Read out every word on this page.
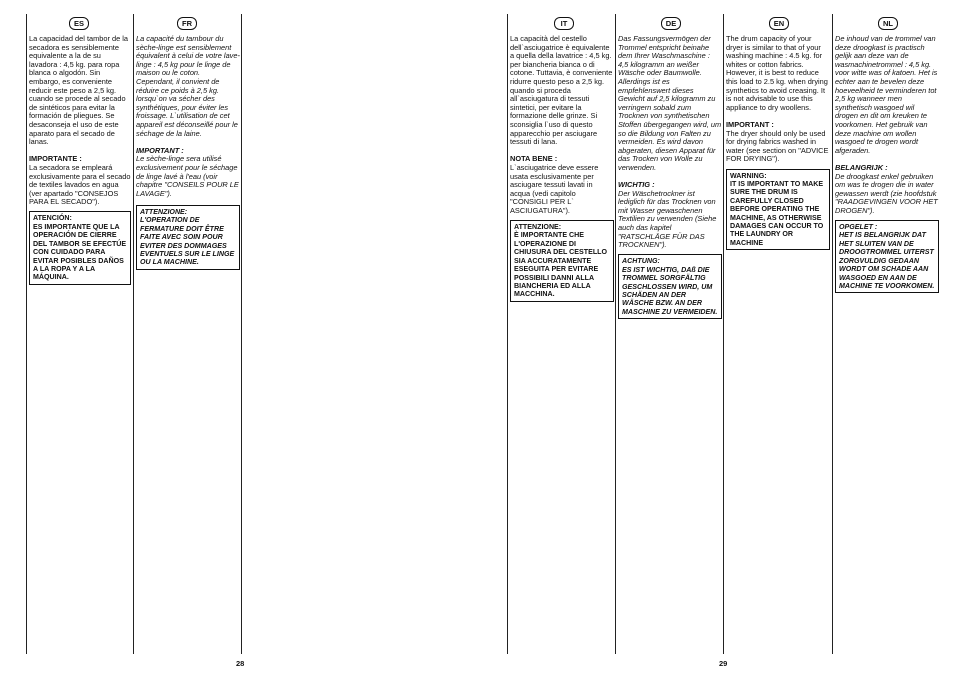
ES

La capacidad del tambor de la secadora es sensiblemente equivalente a la de su lavadora : 4,5 kg. para ropa blanca o algodón. Sin embargo, es conveniente reducir este peso a 2,5 kg. cuando se procede al secado de sintéticos para evitar la formación de pliegues. Se desaconseja el uso de este aparato para el secado de lanas.

IMPORTANTE :

La secadora se empleará exclusivamente para el secado de textiles lavados en agua (ver apartado "CONSEJOS PARA EL SECADO").

ATENCIÓN:
ES IMPORTANTE QUE LA OPERACIÓN DE CIERRE DEL TAMBOR SE EFECTÚE CON CUIDADO PARA EVITAR POSIBLES DAÑOS A LA ROPA Y A LA MÁQUINA.
FR

La capacité du tambour du sèche-linge est sensiblement équivalent à celui de votre lave-linge : 4,5 kg pour le linge de maison ou le coton. Cependant, il convient de réduire ce poids à 2,5 kg. lorsqu`on va sécher des synthétiques, pour éviter les froissage. L`utilisation de cet appareil est déconseillé pour le séchage de la laine.

IMPORTANT :

Le sèche-linge sera utilisé exclusivement pour le séchage de linge lavé à l'eau (voir chapitre "CONSEILS POUR LE LAVAGE").

ATTENZIONE:
L'OPERATION DE FERMATURE DOIT ÊTRE FAITE AVEC SOIN POUR EVITER DES DOMMAGES EVENTUELS SUR LE LINGE OU LA MACHINE.
28
IT

La capacità del cestello dell`asciugatrice è equivalente a quella della lavatrice : 4,5 kg. per biancheria bianca o di cotone. Tuttavia, è conveniente ridurre questo peso a 2,5 kg. quando si proceda all`asciugatura di tessuti sintetici, per evitare la formazione delle grinze. Si sconsiglia l`uso di questo apparecchio per asciugare tessuti di lana.

NOTA BENE :

L`asciugatrice deve essere usata esclusivamente per asciugare tessuti lavati in acqua (vedi capitolo "CONSIGLI PER L` ASCIUGATURA").

ATTENZIONE:
È IMPORTANTE CHE L'OPERAZIONE DI CHIUSURA DEL CESTELLO SIA ACCURATAMENTE ESEGUITA PER EVITARE POSSIBILI DANNI ALLA BIANCHERIA ED ALLA MACCHINA.
DE

Das Fassungsvermögen der Trommel entspricht beinahe dem Ihrer Waschmaschine : 4,5 kilogramm an weißer Wäsche oder Baumwolle. Allerdings ist es empfehlenswert dieses Gewicht auf 2,5 kilogramm zu verringern sobald zum Trocknen von synthetischen Stoffen übergegangen wird, um so die Bildung von Falten zu vermeiden. Es wird davon abgeraten, diesen Apparat für das Trocken von Wolle zu verwenden.

WICHTIG :

Der Wäschetrockner ist lediglich für das Trocknen von mit Wasser gewaschenen Textilien zu verwenden (Siehe auch das kapitel "RATSCHLÄGE FÜR DAS TROCKNEN").

ACHTUNG:
ES IST WICHTIG, DAß DIE TROMMEL SORGFÄLTIG GESCHLOSSEN WIRD, UM SCHÄDEN AN DER WÄSCHE BZW. AN DER MASCHINE ZU VERMEIDEN.
EN

The drum capacity of your dryer is similar to that of your washing machine : 4.5 kg. for whites or cotton fabrics. However, it is best to reduce this load to 2.5 kg. when drying synthetics to avoid creasing. It is not advisable to use this appliance to dry woollens.

IMPORTANT :

The dryer should only be used for drying fabrics washed in water (see section on "ADVICE FOR DRYING").

WARNING:
IT IS IMPORTANT TO MAKE SURE THE DRUM IS CAREFULLY CLOSED BEFORE OPERATING THE MACHINE, AS OTHERWISE DAMAGES CAN OCCUR TO THE LAUNDRY OR MACHINE
NL

De inhoud van de trommel van deze droogkast is practisch gelijk aan deze van de wasmachinetrommel : 4,5 kg. voor witte was of katoen. Het is echter aan te bevelen deze hoeveelheid te verminderen tot 2,5 kg wanneer men synthetisch wasgoed wil drogen en dit om kreuken te voorkomen. Het gebruik van deze machine om wollen wasgoed te drogen wordt afgeraden.

BELANGRIJK :

De droogkast enkel gebruiken om was te drogen die in water gewassen werdt (zie hoofdstuk "RAADGEVINGEN VOOR HET DROGEN").

OPGELET :
HET IS BELANGRIJK DAT HET SLUITEN VAN DE DROOGTROMMEL UITERST ZORGVULDIG GEDAAN WORDT OM SCHADE AAN WASGOED EN AAN DE MACHINE TE VOORKOMEN.
29
